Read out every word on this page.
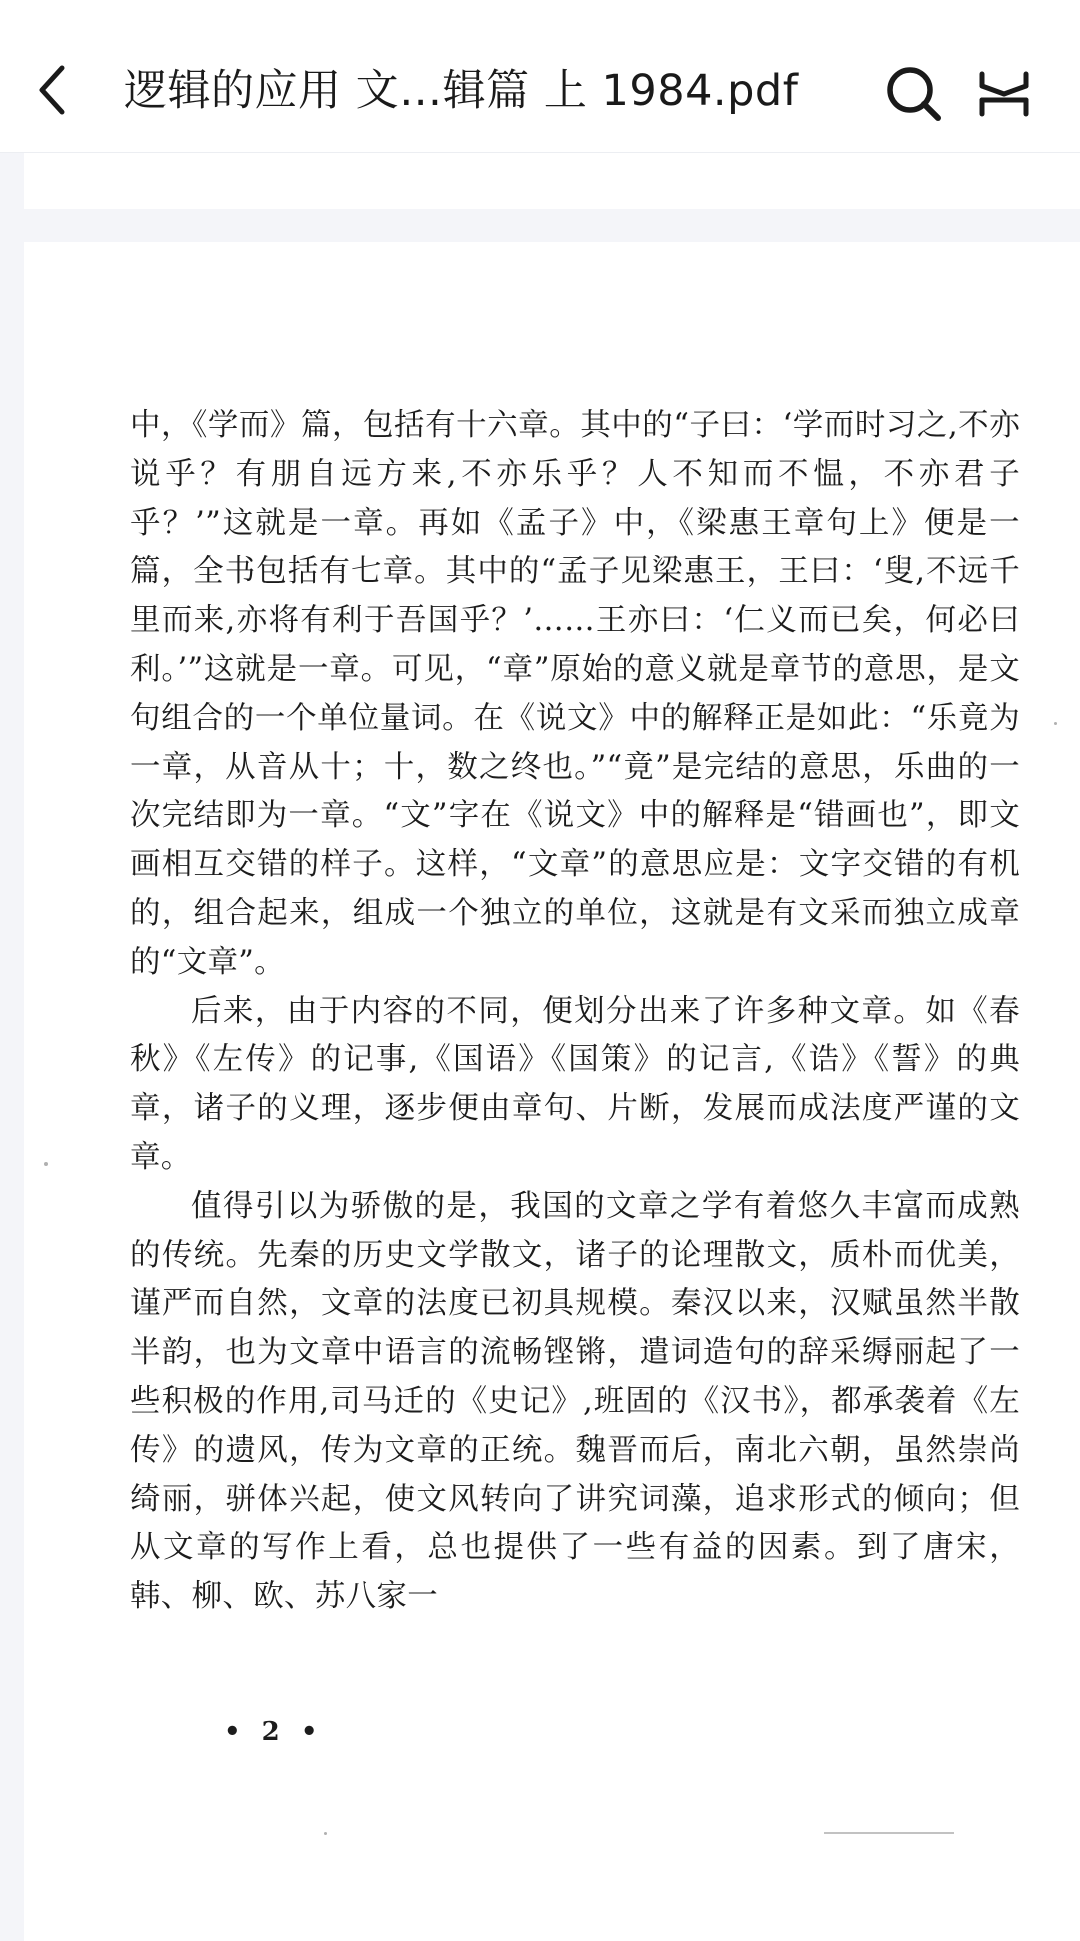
逻辑的应用 文…辑篇 上 1984.pdf

中，《学而》篇，包括有十六章。其中的“子曰：‘学而时习之,不亦说乎？有朋自远方来,不亦乐乎？人不知而不愠，不亦君子乎？’”这就是一章。再如《孟子》中，《梁惠王章句上》便是一篇，全书包括有七章。其中的“孟子见梁惠王，王曰：‘叟,不远千里而来,亦将有利于吾国乎？’……王亦曰：‘仁义而已矣，何必曰利。’”这就是一章。可见，“章”原始的意义就是章节的意思，是文句组合的一个单位量词。在《说文》中的解释正是如此：“乐竟为一章，从音从十；十，数之终也。”“竟”是完结的意思，乐曲的一次完结即为一章。“文”字在《说文》中的解释是“错画也”，即文画相互交错的样子。这样，“文章”的意思应是：文字交错的有机的，组合起来，组成一个独立的单位，这就是有文采而独立成章的“文章”。

后来，由于内容的不同，便划分出来了许多种文章。如《春秋》《左传》的记事,《国语》《国策》的记言,《诰》《誓》的典章，诸子的义理，逐步便由章句、片断，发展而成法度严谨的文章。

值得引以为骄傲的是，我国的文章之学有着悠久丰富而成熟的传统。先秦的历史文学散文，诸子的论理散文，质朴而优美，谨严而自然，文章的法度已初具规模。秦汉以来，汉赋虽然半散半韵，也为文章中语言的流畅铿锵，遣词造句的辞采缛丽起了一些积极的作用,司马迁的《史记》,班固的《汉书》，都承袭着《左传》的遗风，传为文章的正统。魏晋而后，南北六朝，虽然崇尚绮丽，骈体兴起，使文风转向了讲究词藻，追求形式的倾向；但从文章的写作上看，总也提供了一些有益的因素。到了唐宋，韩、柳、欧、苏八家一

• 2 •
